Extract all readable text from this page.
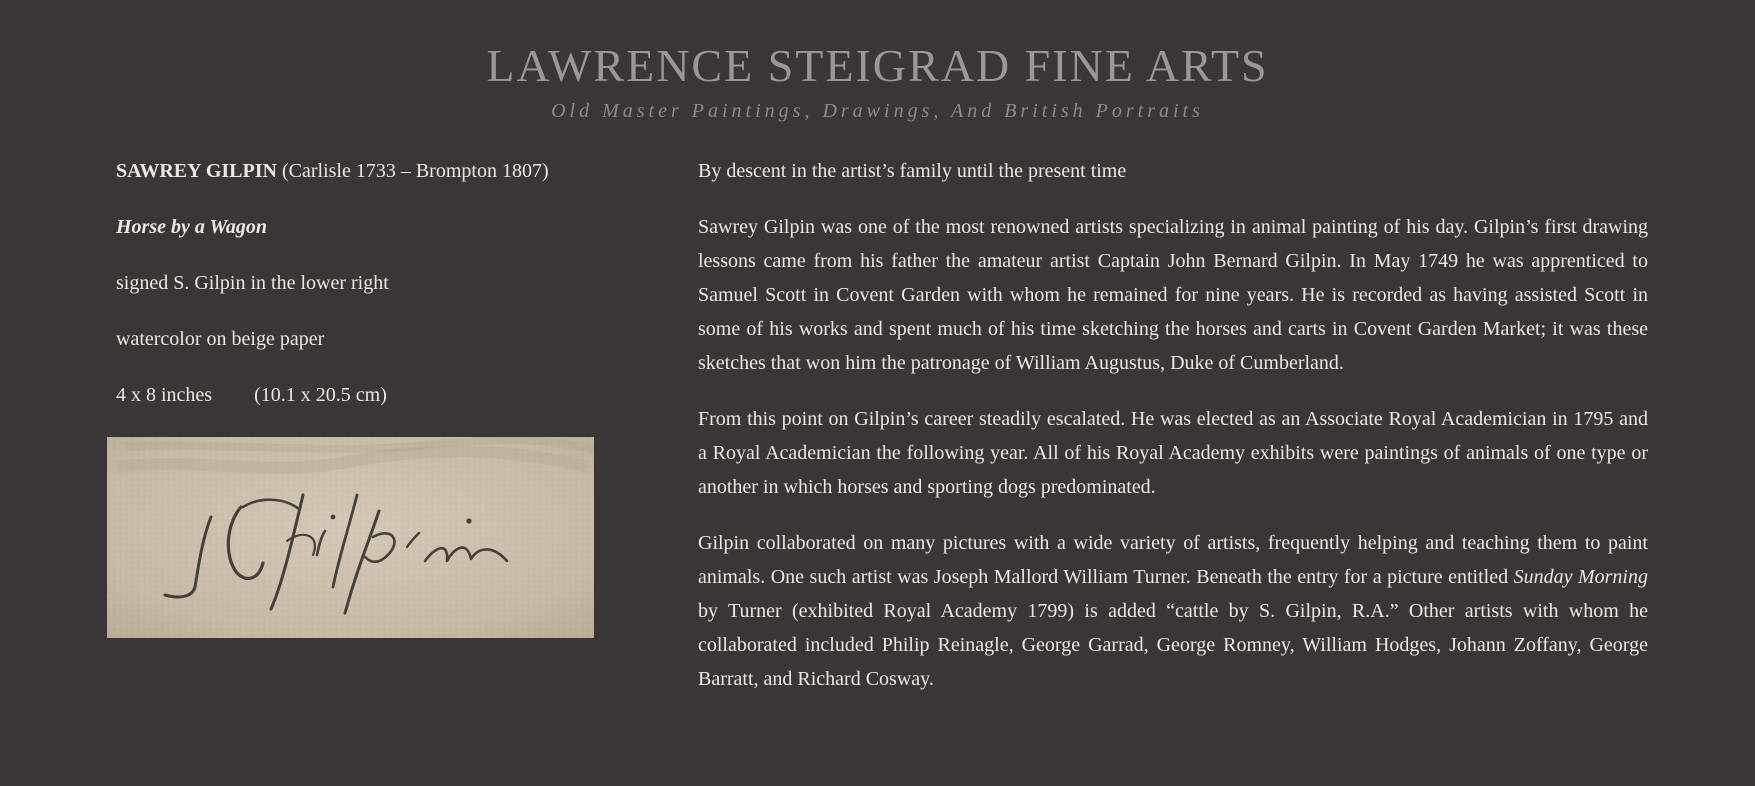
LAWRENCE STEIGRAD FINE ARTS
Old Master Paintings, Drawings, And British Portraits

SAWREY GILPIN (Carlisle 1733 – Brompton 1807)

Horse by a Wagon

signed S. Gilpin in the lower right

watercolor on beige paper

4 x 8 inches (10.1 x 20.5 cm)

By descent in the artist’s family until the present time

Sawrey Gilpin was one of the most renowned artists specializing in animal painting of his day. Gilpin’s first drawing lessons came from his father the amateur artist Captain John Bernard Gilpin. In May 1749 he was apprenticed to Samuel Scott in Covent Garden with whom he remained for nine years. He is recorded as having assisted Scott in some of his works and spent much of his time sketching the horses and carts in Covent Garden Market; it was these sketches that won him the patronage of William Augustus, Duke of Cumberland.

From this point on Gilpin’s career steadily escalated. He was elected as an Associate Royal Academician in 1795 and a Royal Academician the following year. All of his Royal Academy exhibits were paintings of animals of one type or another in which horses and sporting dogs predominated.

Gilpin collaborated on many pictures with a wide variety of artists, frequently helping and teaching them to paint animals. One such artist was Joseph Mallord William Turner. Beneath the entry for a picture entitled Sunday Morning by Turner (exhibited Royal Academy 1799) is added “cattle by S. Gilpin, R.A.” Other artists with whom he collaborated included Philip Reinagle, George Garrad, George Romney, William Hodges, Johann Zoffany, George Barratt, and Richard Cosway.
